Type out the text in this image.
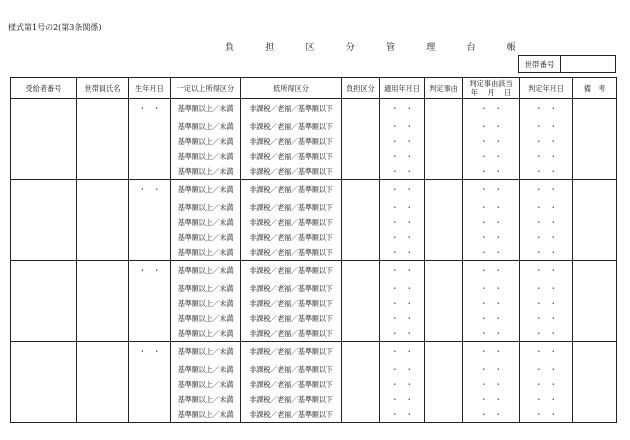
様式第1号の2(第3条関係)
負 担 区 分 管 理 台 帳
世帯番号
受給者番号	世帯員氏名	生年月日	一定以上所得区分	低所得区分	負担区分	適用年月日	判定事由	判定事由該当
年　 月　 日	判定年月日	備　考
		・　・	基準額以上／未満	非課税／老福／基準額以下		・　・		・　・	・　・	
			基準額以上／未満	非課税／老福／基準額以下		・　・		・　・	・　・	
			基準額以上／未満	非課税／老福／基準額以下		・　・		・　・	・　・	
			基準額以上／未満	非課税／老福／基準額以下		・　・		・　・	・　・	
			基準額以上／未満	非課税／老福／基準額以下		・　・		・　・	・　・	
		・　・	基準額以上／未満	非課税／老福／基準額以下		・　・		・　・	・　・	
			基準額以上／未満	非課税／老福／基準額以下		・　・		・　・	・　・	
			基準額以上／未満	非課税／老福／基準額以下		・　・		・　・	・　・	
			基準額以上／未満	非課税／老福／基準額以下		・　・		・　・	・　・	
			基準額以上／未満	非課税／老福／基準額以下		・　・		・　・	・　・	
		・　・	基準額以上／未満	非課税／老福／基準額以下		・　・		・　・	・　・	
			基準額以上／未満	非課税／老福／基準額以下		・　・		・　・	・　・	
			基準額以上／未満	非課税／老福／基準額以下		・　・		・　・	・　・	
			基準額以上／未満	非課税／老福／基準額以下		・　・		・　・	・　・	
			基準額以上／未満	非課税／老福／基準額以下		・　・		・　・	・　・	
		・　・	基準額以上／未満	非課税／老福／基準額以下		・　・		・　・	・　・	
			基準額以上／未満	非課税／老福／基準額以下		・　・		・　・	・　・	
			基準額以上／未満	非課税／老福／基準額以下		・　・		・　・	・　・	
			基準額以上／未満	非課税／老福／基準額以下		・　・		・　・	・　・	
			基準額以上／未満	非課税／老福／基準額以下		・　・		・　・	・　・	
